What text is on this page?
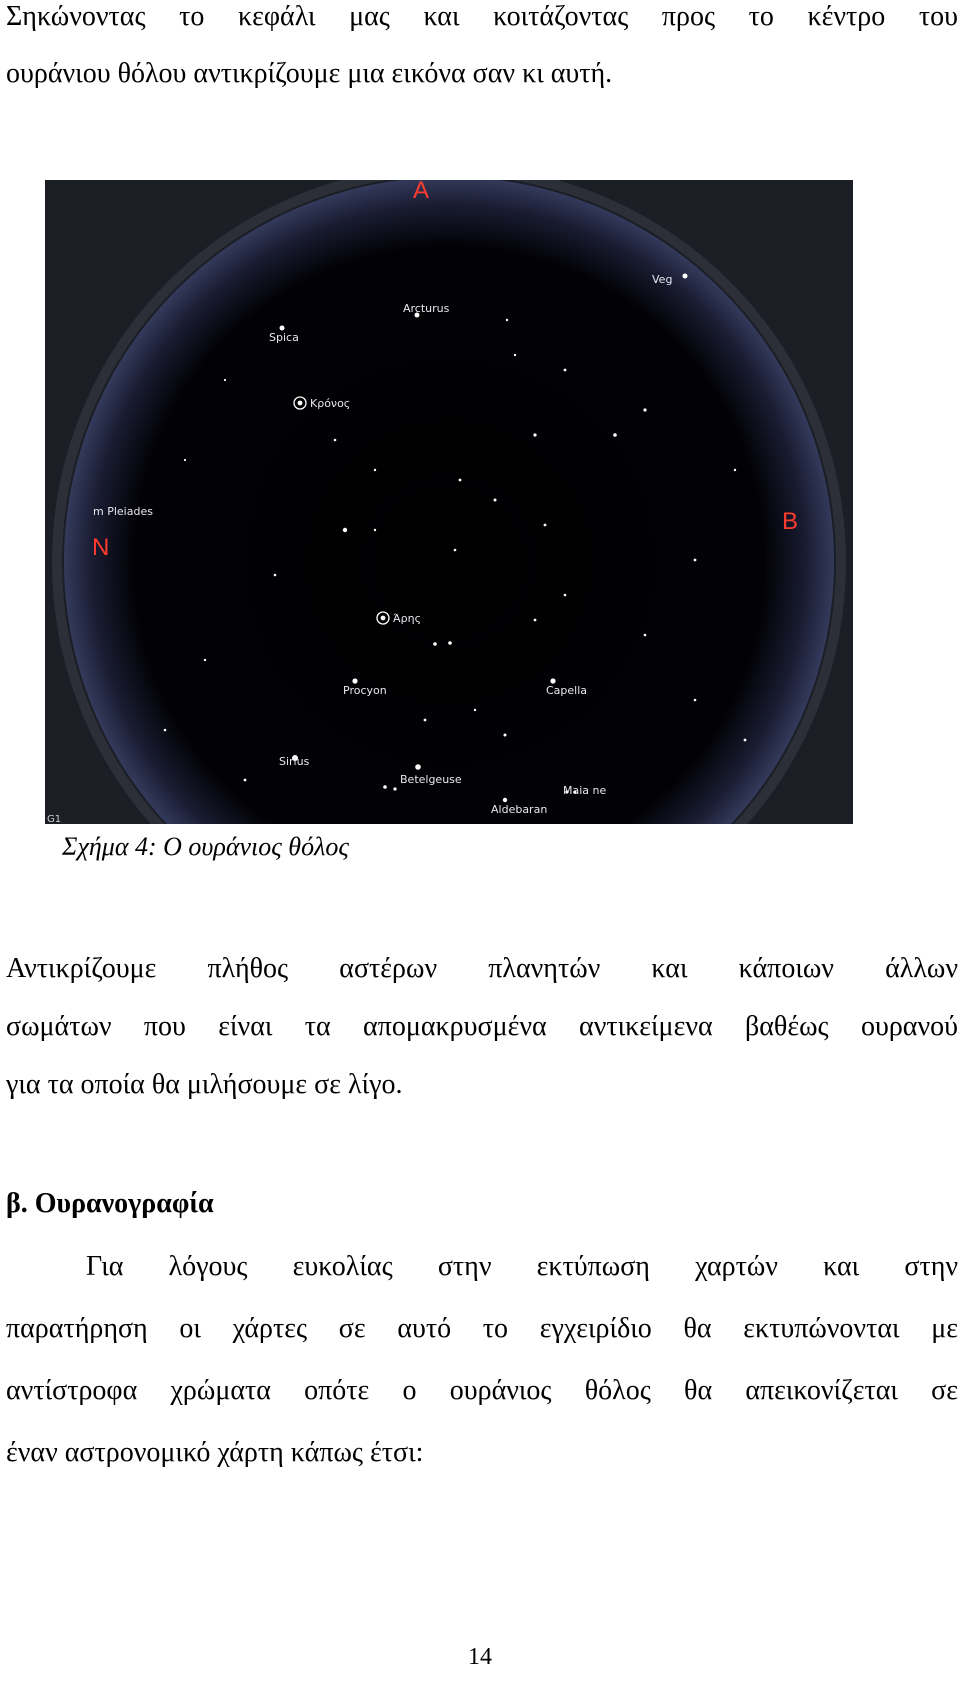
Σηκώνοντας το κεφάλι μας και κοιτάζοντας προς το κέντρο του
ουράνιου θόλου αντικρίζουμε μια εικόνα σαν κι αυτή.
Veg
Arcturus
Spica
Κρόνος
m Pleiades
Άρης
Procyon	Capella
Sirius
Betelgeuse
Maia ne
Aldebaran
G1
A
B
N
Σχήμα 4: Ο ουράνιος θόλος
Αντικρίζουμε πλήθος αστέρων πλανητών και κάποιων άλλων
σωμάτων που είναι τα απομακρυσμένα αντικείμενα βαθέως ουρανού
για τα οποία θα μιλήσουμε σε λίγο.
β. Ουρανογραφία
Για λόγους ευκολίας στην εκτύπωση χαρτών και στην
παρατήρηση οι χάρτες σε αυτό το εγχειρίδιο θα εκτυπώνονται με
αντίστροφα χρώματα οπότε ο ουράνιος θόλος θα απεικονίζεται σε
έναν αστρονομικό χάρτη κάπως έτσι:
14
